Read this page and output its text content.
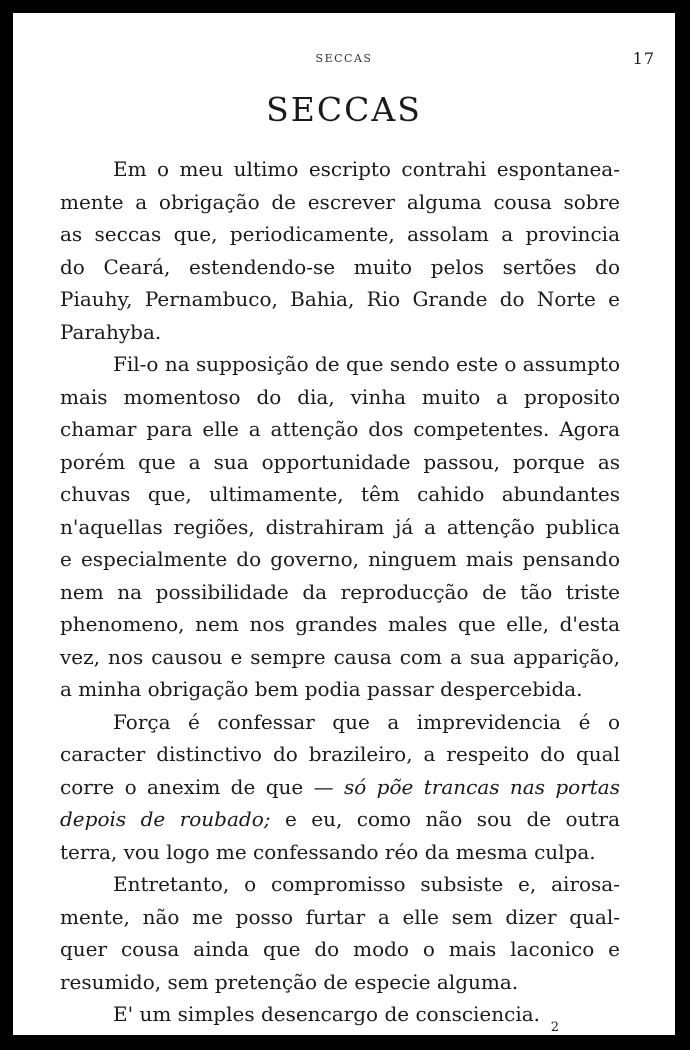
SECCAS	17
SECCAS
Em o meu ultimo escripto contrahi espontanea-
mente a obrigação de escrever alguma cousa sobre
as seccas que, periodicamente, assolam a provincia
do Ceará, estendendo-se muito pelos sertões do
Piauhy, Pernambuco, Bahia, Rio Grande do Norte e
Parahyba.
Fil-o na supposição de que sendo este o assumpto
mais momentoso do dia, vinha muito a proposito
chamar para elle a attenção dos competentes. Agora
porém que a sua opportunidade passou, porque as
chuvas que, ultimamente, têm cahido abundantes
n'aquellas regiões, distrahiram já a attenção publica
e especialmente do governo, ninguem mais pensando
nem na possibilidade da reproducção de tão triste
phenomeno, nem nos grandes males que elle, d'esta
vez, nos causou e sempre causa com a sua apparição,
a minha obrigação bem podia passar despercebida.
Força é confessar que a imprevidencia é o
caracter distinctivo do brazileiro, a respeito do qual
corre o anexim de que — só põe trancas nas portas
depois de roubado; e eu, como não sou de outra
terra, vou logo me confessando réo da mesma culpa.
Entretanto, o compromisso subsiste e, airosa-
mente, não me posso furtar a elle sem dizer qual-
quer cousa ainda que do modo o mais laconico e
resumido, sem pretenção de especie alguma.
E' um simples desencargo de consciencia.
2
